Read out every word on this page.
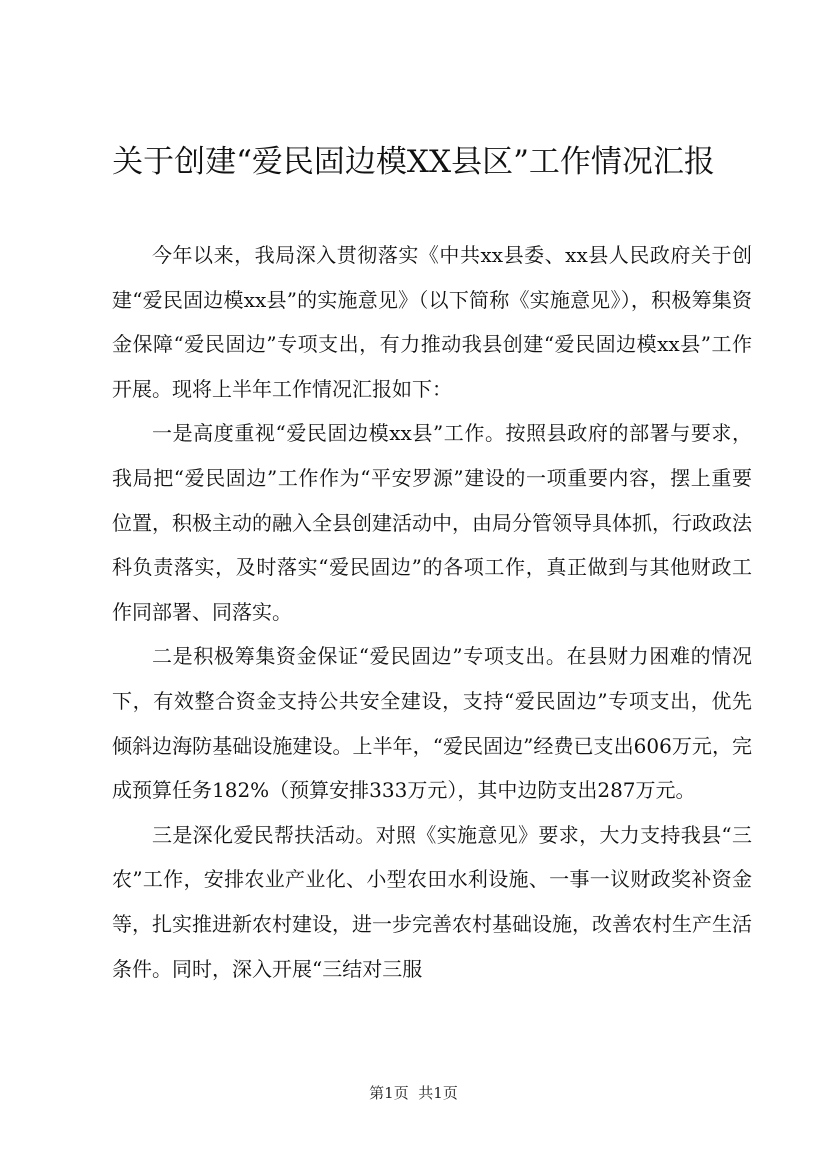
关于创建“爱民固边模XX县区”工作情况汇报

今年以来，我局深入贯彻落实《中共xx县委、xx县人民政府关于创建“爱民固边模xx县”的实施意见》（以下简称《实施意见》），积极筹集资金保障“爱民固边”专项支出，有力推动我县创建“爱民固边模xx县”工作开展。现将上半年工作情况汇报如下：

一是高度重视“爱民固边模xx县”工作。按照县政府的部署与要求，我局把“爱民固边”工作作为“平安罗源”建设的一项重要内容，摆上重要位置，积极主动的融入全县创建活动中，由局分管领导具体抓，行政政法科负责落实，及时落实“爱民固边”的各项工作，真正做到与其他财政工作同部署、同落实。

二是积极筹集资金保证“爱民固边”专项支出。在县财力困难的情况下，有效整合资金支持公共安全建设，支持“爱民固边”专项支出，优先倾斜边海防基础设施建设。上半年，“爱民固边”经费已支出606万元，完成预算任务182%（预算安排333万元），其中边防支出287万元。

三是深化爱民帮扶活动。对照《实施意见》要求，大力支持我县“三农”工作，安排农业产业化、小型农田水利设施、一事一议财政奖补资金等，扎实推进新农村建设，进一步完善农村基础设施，改善农村生产生活条件。同时，深入开展“三结对三服

第1页  共1页
